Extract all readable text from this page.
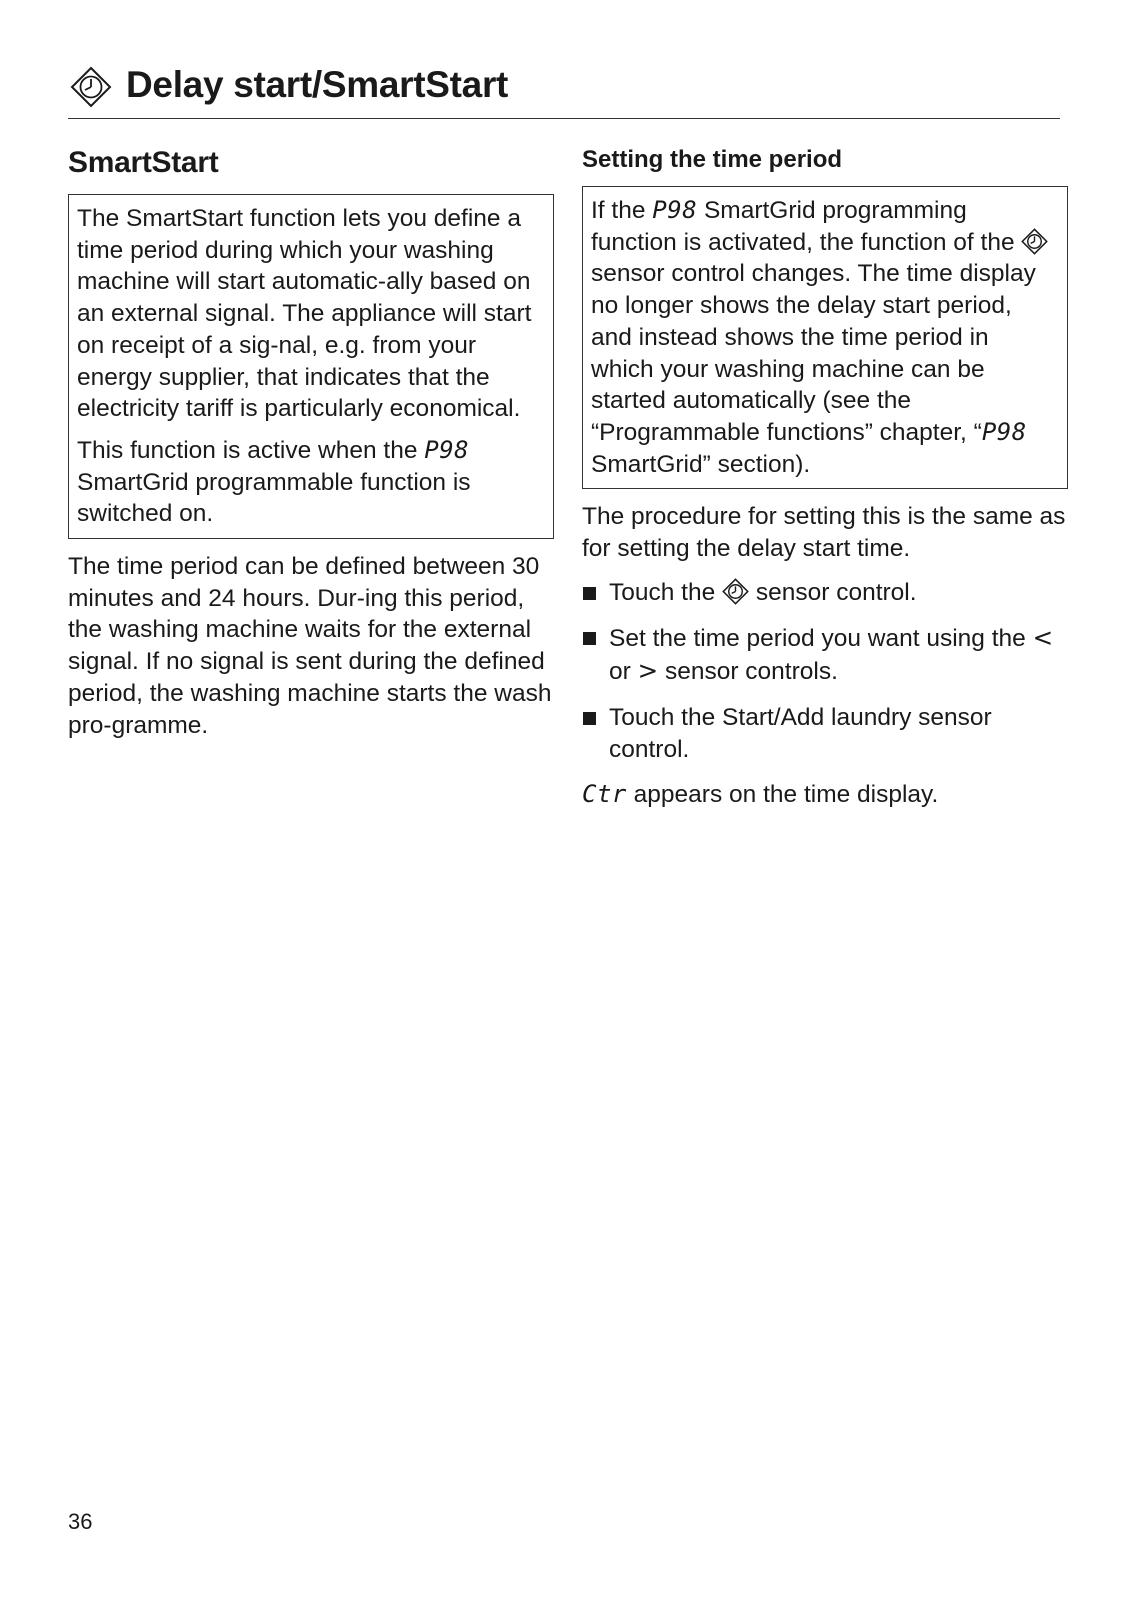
Delay start/SmartStart
SmartStart

The SmartStart function lets you define a time period during which your washing machine will start automatic-ally based on an external signal. The appliance will start on receipt of a sig-nal, e.g. from your energy supplier, that indicates that the electricity tariff is particularly economical.

This function is active when the P98 SmartGrid programmable function is switched on.

The time period can be defined between 30 minutes and 24 hours. Dur-ing this period, the washing machine waits for the external signal. If no signal is sent during the defined period, the washing machine starts the wash pro-gramme.

Setting the time period

If the P98 SmartGrid programming function is activated, the function of the  sensor control changes. The time display no longer shows the delay start period, and instead shows the time period in which your washing machine can be started automatically (see the “Programmable functions” chapter, “P98 SmartGrid” section).

The procedure for setting this is the same as for setting the delay start time.

Touch the sensor control.
Set the time period you want using the < or > sensor controls.
Touch the Start/Add laundry sensor control.

Ctr appears on the time display.

36
